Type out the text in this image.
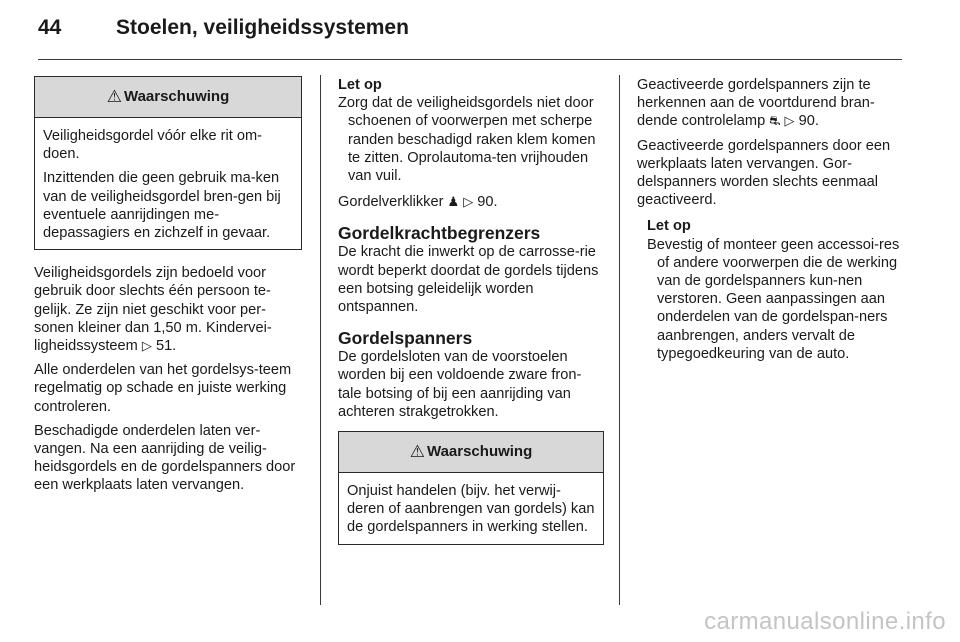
44	Stoelen, veiligheidssystemen
⚠ Waarschuwing

Veiligheidsgordel vóór elke rit om-doen.

Inzittenden die geen gebruik ma-ken van de veiligheidsgordel bren-gen bij eventuele aanrijdingen me-depassagiers en zichzelf in gevaar.

Veiligheidsgordels zijn bedoeld voor gebruik door slechts één persoon te-gelijk. Ze zijn niet geschikt voor per-sonen kleiner dan 1,50 m. Kindervei-ligheidssysteem ▷ 51.

Alle onderdelen van het gordelsys-teem regelmatig op schade en juiste werking controleren.

Beschadigde onderdelen laten ver-vangen. Na een aanrijding de veilig-heidsgordels en de gordelspanners door een werkplaats laten vervangen.

Let op

Zorg dat de veiligheidsgordels niet door schoenen of voorwerpen met scherpe randen beschadigd raken klem komen te zitten. Oprolautoma-ten vrijhouden van vuil.

Gordelverklikker ♟ ▷ 90.

Gordelkrachtbegrenzers

De kracht die inwerkt op de carrosse-rie wordt beperkt doordat de gordels tijdens een botsing geleidelijk worden ontspannen.

Gordelspanners

De gordelsloten van de voorstoelen worden bij een voldoende zware fron-tale botsing of bij een aanrijding van achteren strakgetrokken.

⚠ Waarschuwing

Onjuist handelen (bijv. het verwij-deren of aanbrengen van gordels) kan de gordelspanners in werking stellen.

Geactiveerde gordelspanners zijn te herkennen aan de voortdurend bran-dende controlelamp ⛐ ▷ 90.

Geactiveerde gordelspanners door een werkplaats laten vervangen. Gor-delspanners worden slechts eenmaal geactiveerd.

Let op

Bevestig of monteer geen accessoi-res of andere voorwerpen die de werking van de gordelspanners kun-nen verstoren. Geen aanpassingen aan onderdelen van de gordelspan-ners aanbrengen, anders vervalt de typegoedkeuring van de auto.

carmanualsonline.info
